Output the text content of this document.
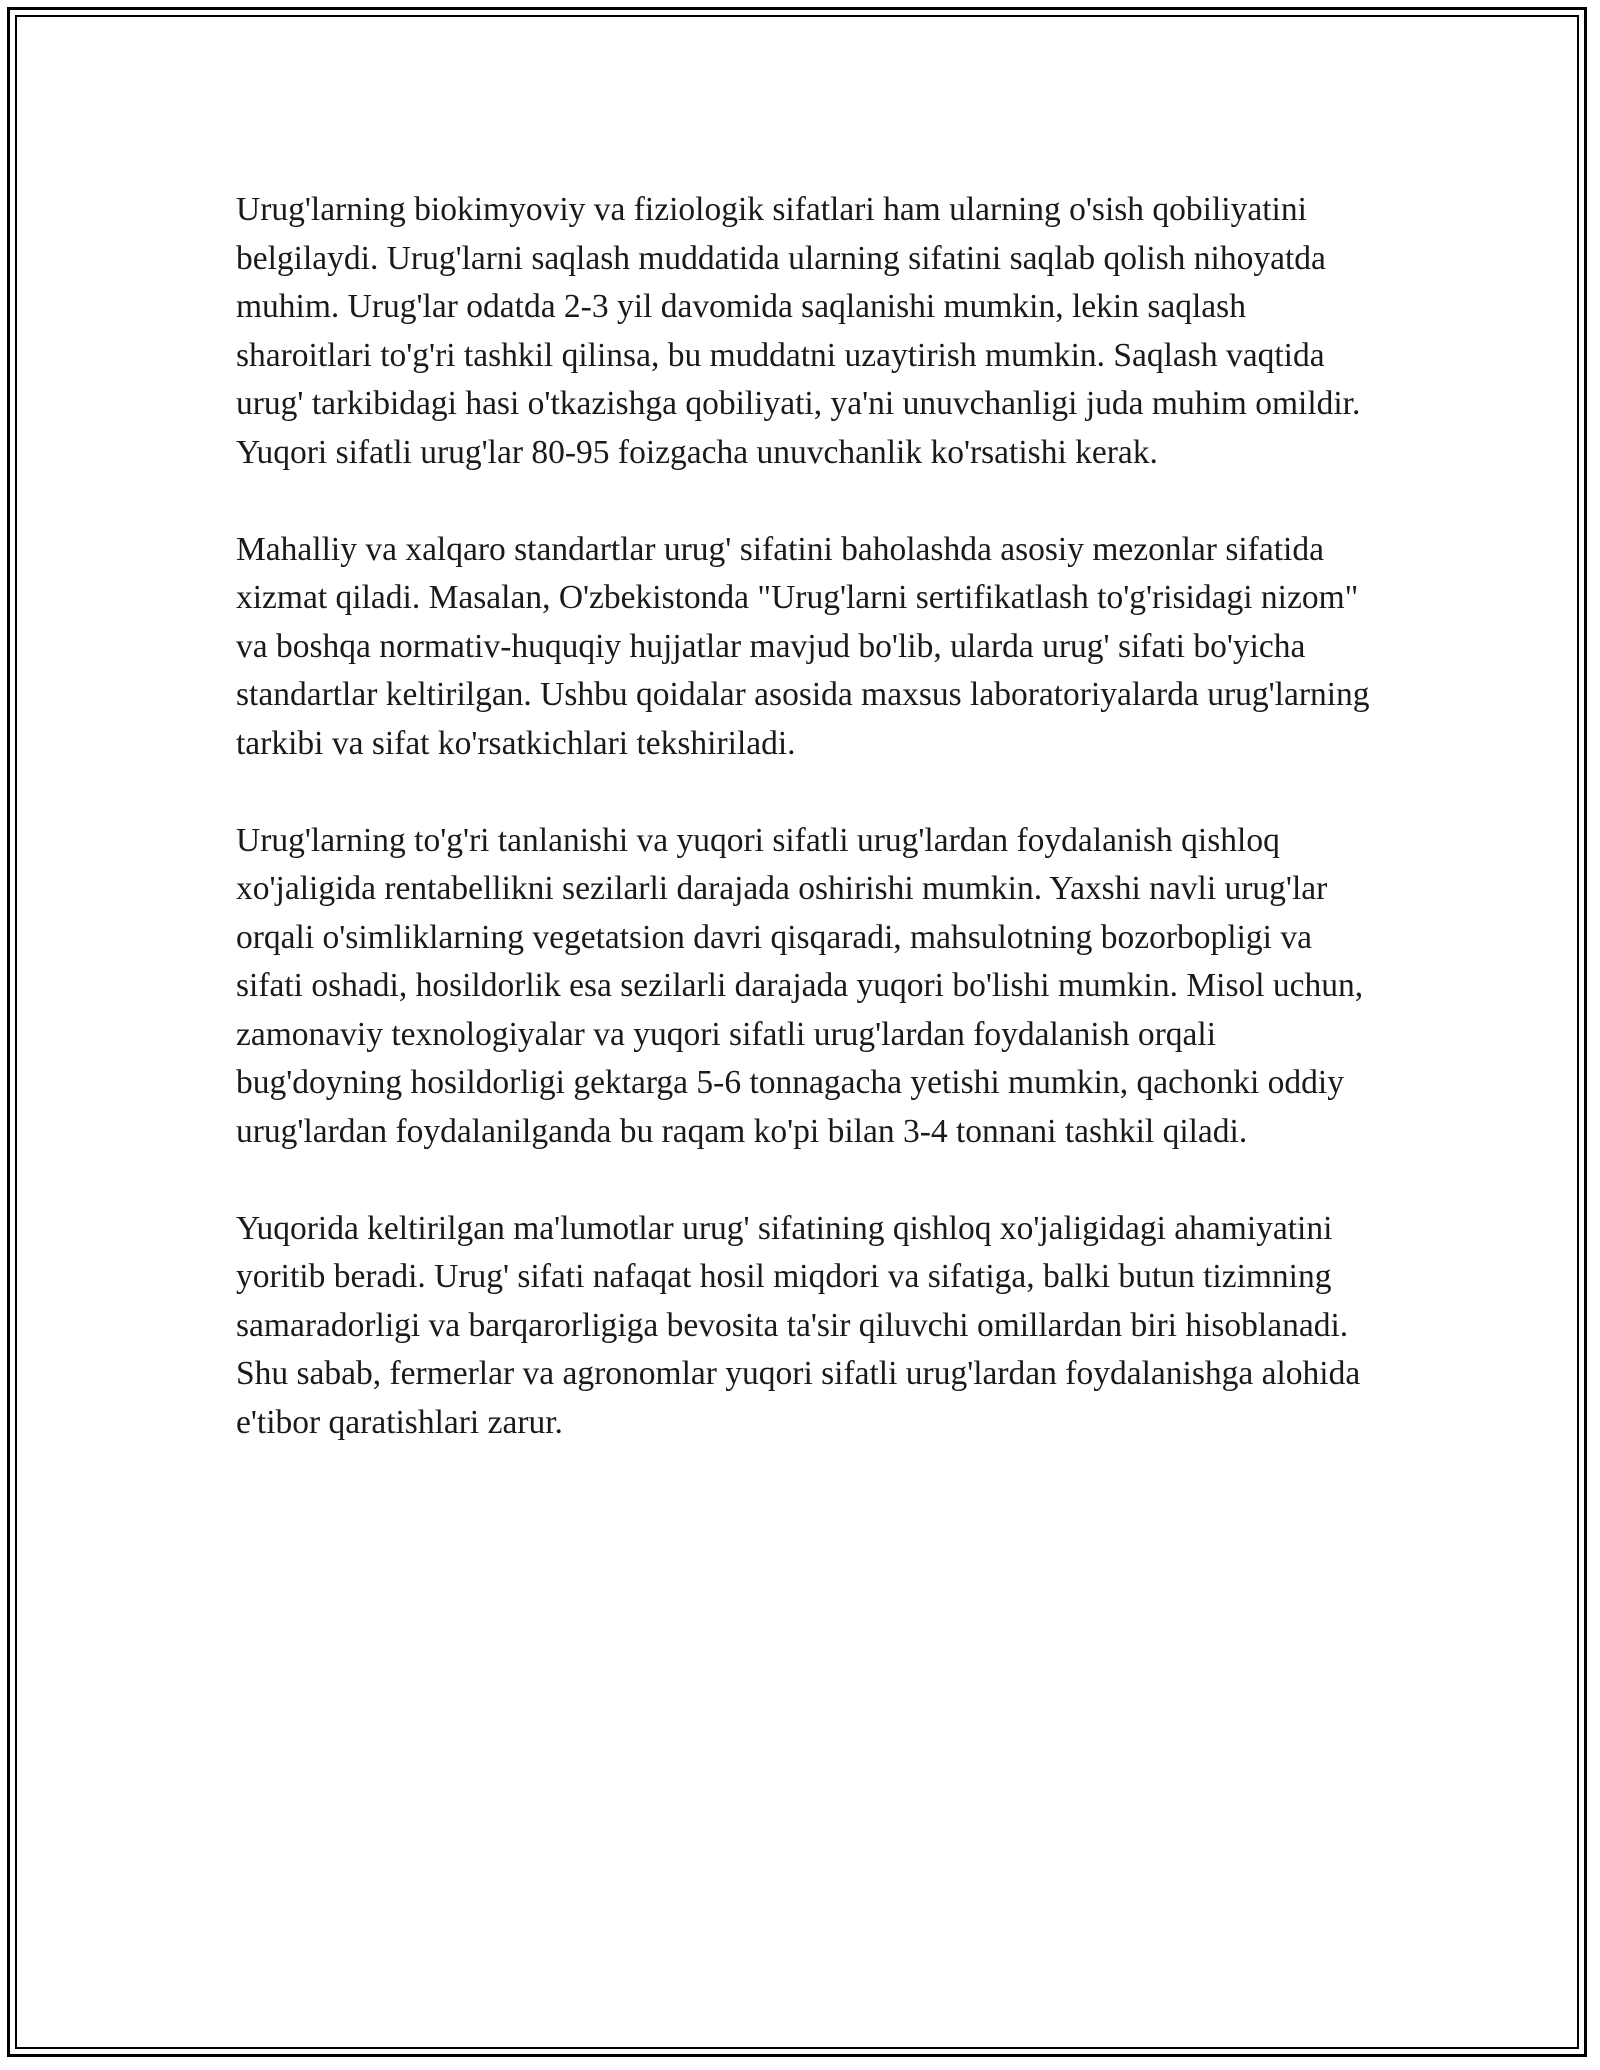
Urug'larning biokimyoviy va fiziologik sifatlari ham ularning o'sish qobiliyatini belgilaydi. Urug'larni saqlash muddatida ularning sifatini saqlab qolish nihoyatda muhim. Urug'lar odatda 2-3 yil davomida saqlanishi mumkin, lekin saqlash sharoitlari to'g'ri tashkil qilinsa, bu muddatni uzaytirish mumkin. Saqlash vaqtida urug' tarkibidagi hasi o'tkazishga qobiliyati, ya'ni unuvchanligi juda muhim omildir. Yuqori sifatli urug'lar 80-95 foizgacha unuvchanlik ko'rsatishi kerak.

Mahalliy va xalqaro standartlar urug' sifatini baholashda asosiy mezonlar sifatida xizmat qiladi. Masalan, O'zbekistonda "Urug'larni sertifikatlash to'g'risidagi nizom" va boshqa normativ-huquqiy hujjatlar mavjud bo'lib, ularda urug' sifati bo'yicha standartlar keltirilgan. Ushbu qoidalar asosida maxsus laboratoriyalarda urug'larning tarkibi va sifat ko'rsatkichlari tekshiriladi.

Urug'larning to'g'ri tanlanishi va yuqori sifatli urug'lardan foydalanish qishloq xo'jaligida rentabellikni sezilarli darajada oshirishi mumkin. Yaxshi navli urug'lar orqali o'simliklarning vegetatsion davri qisqaradi, mahsulotning bozorbopligi va sifati oshadi, hosildorlik esa sezilarli darajada yuqori bo'lishi mumkin. Misol uchun, zamonaviy texnologiyalar va yuqori sifatli urug'lardan foydalanish orqali bug'doyning hosildorligi gektarga 5-6 tonnagacha yetishi mumkin, qachonki oddiy urug'lardan foydalanilganda bu raqam ko'pi bilan 3-4 tonnani tashkil qiladi.

Yuqorida keltirilgan ma'lumotlar urug' sifatining qishloq xo'jaligidagi ahamiyatini yoritib beradi. Urug' sifati nafaqat hosil miqdori va sifatiga, balki butun tizimning samaradorligi va barqarorligiga bevosita ta'sir qiluvchi omillardan biri hisoblanadi. Shu sabab, fermerlar va agronomlar yuqori sifatli urug'lardan foydalanishga alohida e'tibor qaratishlari zarur.
